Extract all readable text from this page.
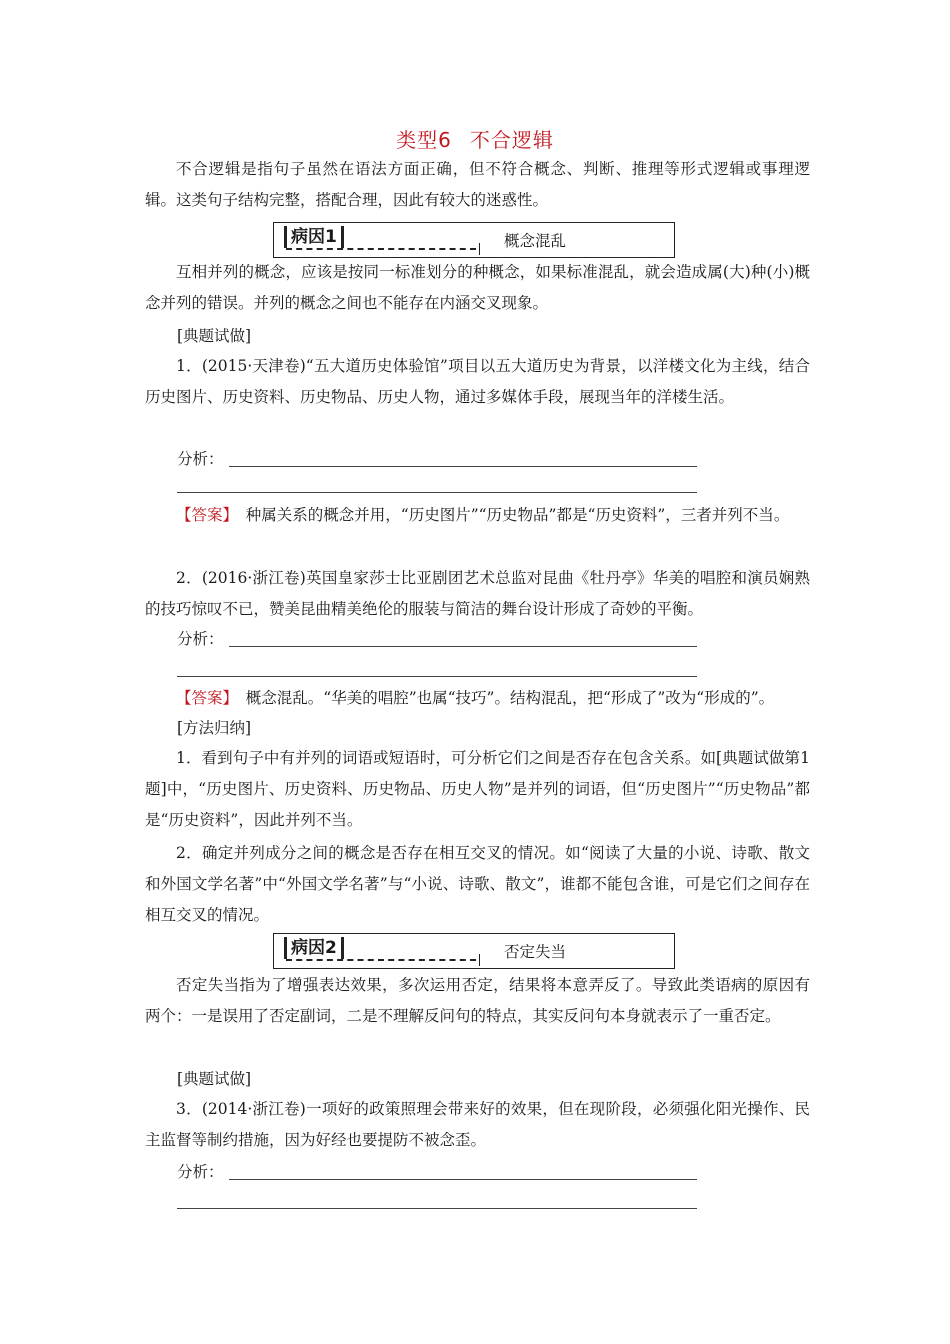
类型6 不合逻辑
不合逻辑是指句子虽然在语法方面正确，但不符合概念、判断、推理等形式逻辑或事理逻辑。这类句子结构完整，搭配合理，因此有较大的迷惑性。
病因1	概念混乱
互相并列的概念，应该是按同一标准划分的种概念，如果标准混乱，就会造成属(大)种(小)概念并列的错误。并列的概念之间也不能存在内涵交叉现象。
[典题试做]
1．(2015·天津卷)“五大道历史体验馆”项目以五大道历史为背景，以洋楼文化为主线，结合历史图片、历史资料、历史物品、历史人物，通过多媒体手段，展现当年的洋楼生活。
分析：
【答案】　种属关系的概念并用，“历史图片”“历史物品”都是“历史资料”，三者并列不当。
2．(2016·浙江卷)英国皇家莎士比亚剧团艺术总监对昆曲《牡丹亭》华美的唱腔和演员娴熟的技巧惊叹不已，赞美昆曲精美绝伦的服装与简洁的舞台设计形成了奇妙的平衡。
分析：
【答案】　概念混乱。“华美的唱腔”也属“技巧”。结构混乱，把“形成了”改为“形成的”。
[方法归纳]
1．看到句子中有并列的词语或短语时，可分析它们之间是否存在包含关系。如[典题试做第1题]中，“历史图片、历史资料、历史物品、历史人物”是并列的词语，但“历史图片”“历史物品”都是“历史资料”，因此并列不当。
2．确定并列成分之间的概念是否存在相互交叉的情况。如“阅读了大量的小说、诗歌、散文和外国文学名著”中“外国文学名著”与“小说、诗歌、散文”，谁都不能包含谁，可是它们之间存在相互交叉的情况。
病因2	否定失当
否定失当指为了增强表达效果，多次运用否定，结果将本意弄反了。导致此类语病的原因有两个：一是误用了否定副词，二是不理解反问句的特点，其实反问句本身就表示了一重否定。
[典题试做]
3．(2014·浙江卷)一项好的政策照理会带来好的效果，但在现阶段，必须强化阳光操作、民主监督等制约措施，因为好经也要提防不被念歪。
分析：
